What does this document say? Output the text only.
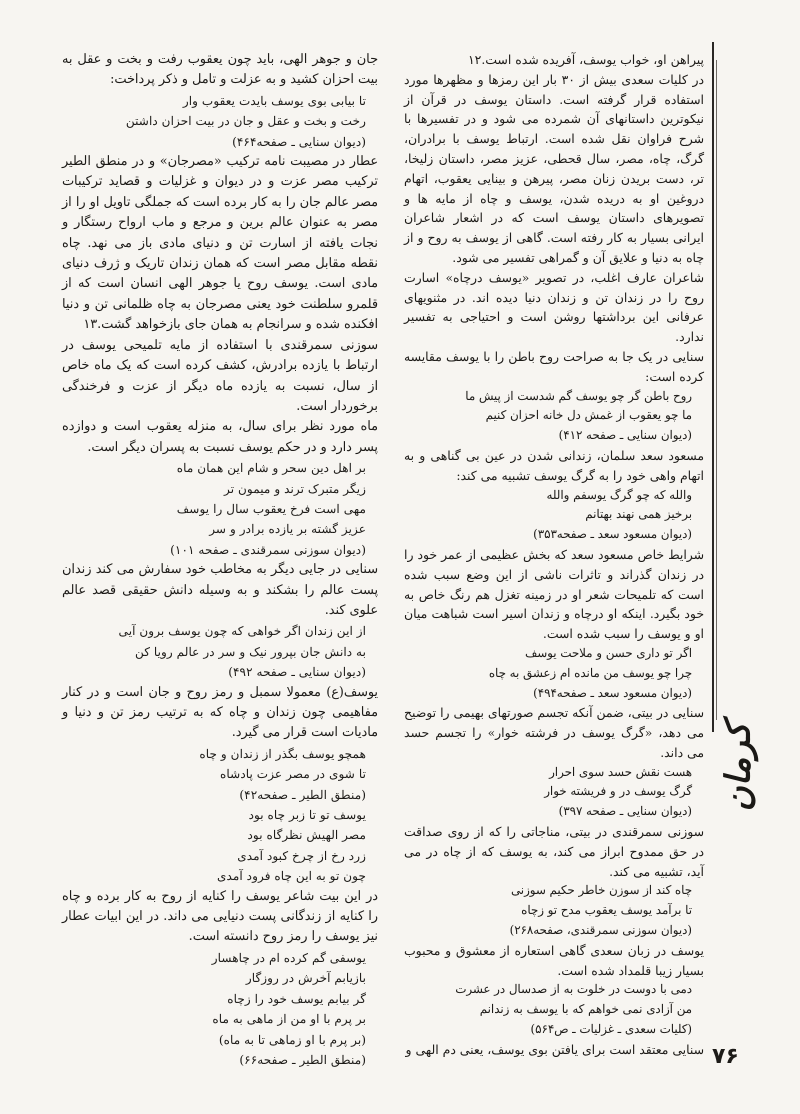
پیراهن او، خواب یوسف، آفریده شده است.۱۲

در کلیات سعدی بیش از ۳۰ بار این رمزها و مظهرها مورد استفاده قرار گرفته است. داستان یوسف در قرآن از نیکوترین داستانهای آن شمرده می شود و در تفسیرها با شرح فراوان نقل شده است. ارتباط یوسف با برادران، گرگ، چاه، مصر، سال قحطی، عزیز مصر، داستان زلیخا، تر، دست بریدن زنان مصر، پیرهن و بینایی یعقوب، اتهام دروغین او به دریده شدن، یوسف و چاه از مایه ها و تصویرهای داستان یوسف است که در اشعار شاعران ایرانی بسیار به کار رفته است. گاهی از یوسف به روح و از چاه به دنیا و علایق آن و گمراهی تفسیر می شود.

شاعران عارف اغلب، در تصویر «یوسف درچاه» اسارت روح را در زندان تن و زندان دنیا دیده اند. در مثنویهای عرفانی این برداشتها روشن است و احتیاجی به تفسیر ندارد.

سنایی در یک جا به صراحت روح باطن را با یوسف مقایسه کرده است:

روح باطن گر چو یوسف گم شدست از پیش ما

ما چو یعقوب از غمش دل خانه احزان کنیم

(دیوان سنایی ـ صفحه ۴۱۲)

مسعود سعد سلمان، زندانی شدن در عین بی گناهی و به اتهام واهی خود را به گرگ یوسف تشبیه می کند:

والله که چو گرگ یوسفم والله

برخیز همی نهند بهتانم

(دیوان مسعود سعد ـ صفحه۳۵۳)

شرایط خاص مسعود سعد که بخش عظیمی از عمر خود را در زندان گذراند و تاثرات ناشی از این وضع سبب شده است که تلمیحات شعر او در زمینه تغزل هم رنگ خاص به خود بگیرد. اینکه او درچاه و زندان اسیر است شباهت میان او و یوسف را سبب شده است.

اگر تو داری حسن و ملاحت یوسف

چرا چو یوسف من مانده ام زعشق به چاه

(دیوان مسعود سعد ـ صفحه۴۹۴)

سنایی در بیتی، ضمن آنکه تجسم صورتهای بهیمی را توضیح می دهد، «گرگ یوسف در فرشته خوار» را تجسم حسد می داند.

هست نقش حسد سوی احرار

گرگ یوسف در و فریشته خوار

(دیوان سنایی ـ صفحه ۳۹۷)

سوزنی سمرقندی در بیتی، مناجاتی را که از روی صداقت در حق ممدوح ابراز می کند، به یوسف که از چاه در می آید، تشبیه می کند.

چاه کند از سوزن خاطر حکیم سوزنی

تا برآمد یوسف یعقوب مدح تو زچاه

(دیوان سوزنی سمرقندی، صفحه۲۶۸)

یوسف در زبان سعدی گاهی استعاره از معشوق و محبوب بسیار زیبا قلمداد شده است.

دمی با دوست در خلوت به از صدسال در عشرت

من آزادی نمی خواهم که با یوسف به زندانم

(کلیات سعدی ـ غزلیات ـ ص۵۶۴)

سنایی معتقد است برای یافتن بوی یوسف، یعنی دم الهی و

جان و جوهر الهی، باید چون یعقوب رفت و بخت و عقل به بیت احزان کشید و به عزلت و تامل و ذکر پرداخت:

تا بیابی بوی یوسف بایدت یعقوب وار

رخت و بخت و عقل و جان در بیت احزان داشتن

(دیوان سنایی ـ صفحه۴۶۴)

عطار در مصیبت نامه ترکیب «مصرجان» و در منطق الطیر ترکیب مصر عزت و در دیوان و غزلیات و قصاید ترکیبات مصر عالم جان را به کار برده است که جملگی تاویل او را از مصر به عنوان عالم برین و مرجع و ماب ارواح رستگار و نجات یافته از اسارت تن و دنیای مادی باز می نهد. چاه نقطه مقابل مصر است که همان زندان تاریک و ژرف دنیای مادی است. یوسف روح یا جوهر الهی انسان است که از قلمرو سلطنت خود یعنی مصرجان به چاه ظلمانی تن و دنیا افکنده شده و سرانجام به همان جای بازخواهد گشت.۱۳

سوزنی سمرقندی با استفاده از مایه تلمیحی یوسف در ارتباط با یازده برادرش، کشف کرده است که یک ماه خاص از سال، نسبت به یازده ماه دیگر از عزت و فرخندگی برخوردار است.

ماه مورد نظر برای سال، به منزله یعقوب است و دوازده پسر دارد و در حکم یوسف نسبت به پسران دیگر است.

بر اهل دین سحر و شام این همان ماه

زیگر متبرک ترند و میمون تر

مهی است فرخ یعقوب سال را یوسف

عزیز گشته بر یازده برادر و سر

(دیوان سوزنی سمرقندی ـ صفحه ۱۰۱)

سنایی در جایی دیگر به مخاطب خود سفارش می کند زندان پست عالم را بشکند و به وسیله دانش حقیقی قصد عالم علوی کند.

از این زندان اگر خواهی که چون یوسف برون آیی

به دانش جان بپرور نیک و سر در عالم رویا کن

(دیوان سنایی ـ صفحه ۴۹۲)

یوسف(ع) معمولا سمبل و رمز روح و جان است و در کنار مفاهیمی چون زندان و چاه که به ترتیب رمز تن و دنیا و مادیات است قرار می گیرد.

همچو یوسف بگذر از زندان و چاه

تا شوی در مصر عزت پادشاه

(منطق الطیر ـ صفحه۴۲)

یوسف تو تا زبر چاه بود

مصر الهیش نظرگاه بود

زرد رخ از چرخ کبود آمدی

چون تو به این چاه فرود آمدی

در این بیت شاعر یوسف را کنایه از روح به کار برده و چاه را کنایه از زندگانی پست دنیایی می داند. در این ابیات عطار نیز یوسف را رمز روح دانسته است.

یوسفی گم کرده ام در چاهسار

بازیابم آخرش در روزگار

گر بیابم یوسف خود را زچاه

بر پرم با او من از ماهی به ماه

(بر پرم با او زماهی تا به ماه)

(منطق الطیر ـ صفحه۶۶)

کرمان
۷۶
